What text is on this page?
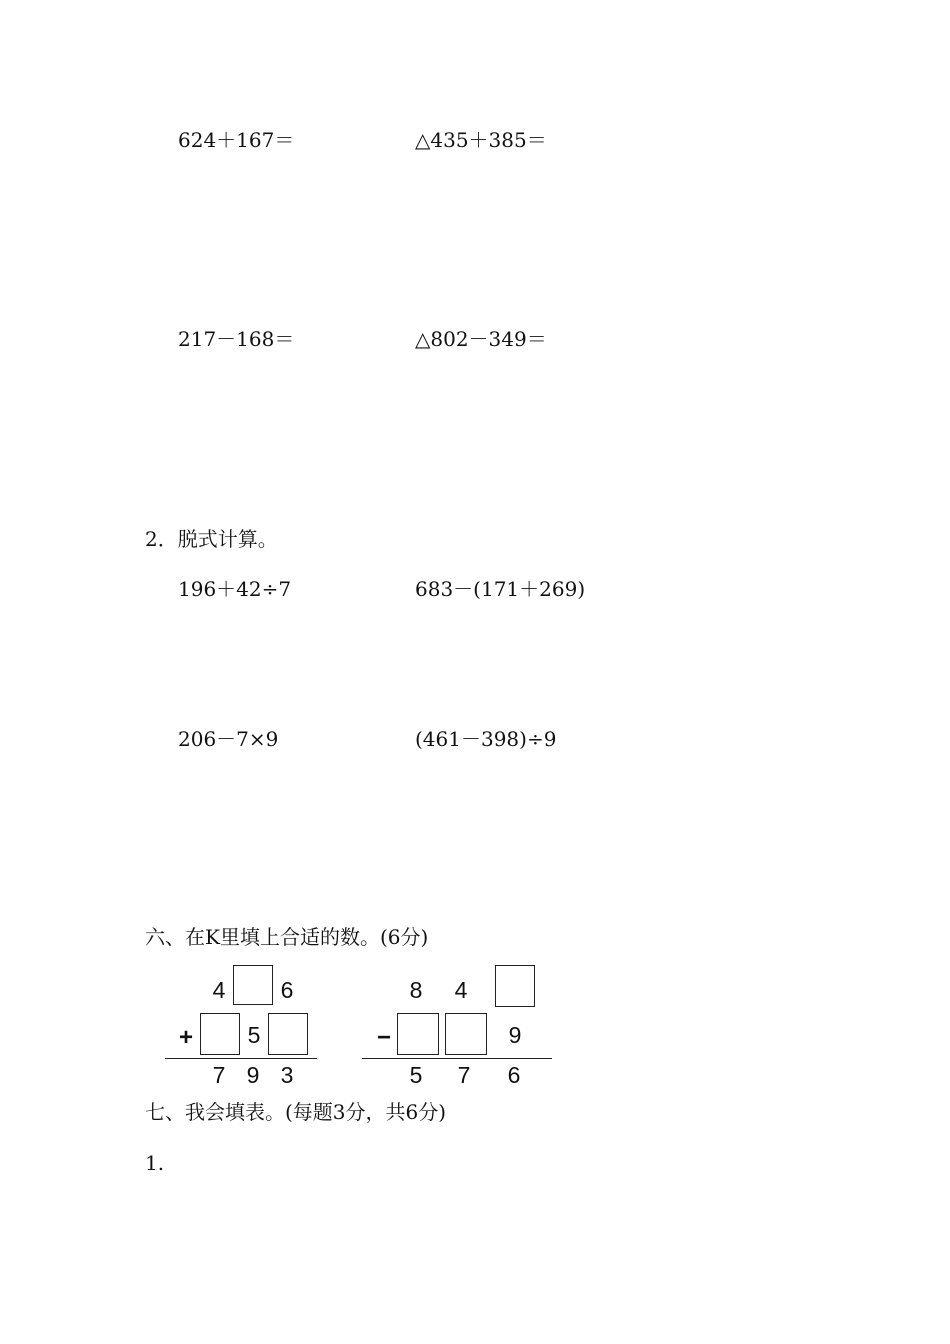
624＋167＝	△435＋385＝
217－168＝	△802－349＝
2．脱式计算。
196＋42÷7	683－(171＋269)
206－7×9	(461－398)÷9
六、在K里填上合适的数。(6分)
4 6
+ 5
7 9 3
8 4
−	9
5 7 6
七、我会填表。(每题3分，共6分)
1.
